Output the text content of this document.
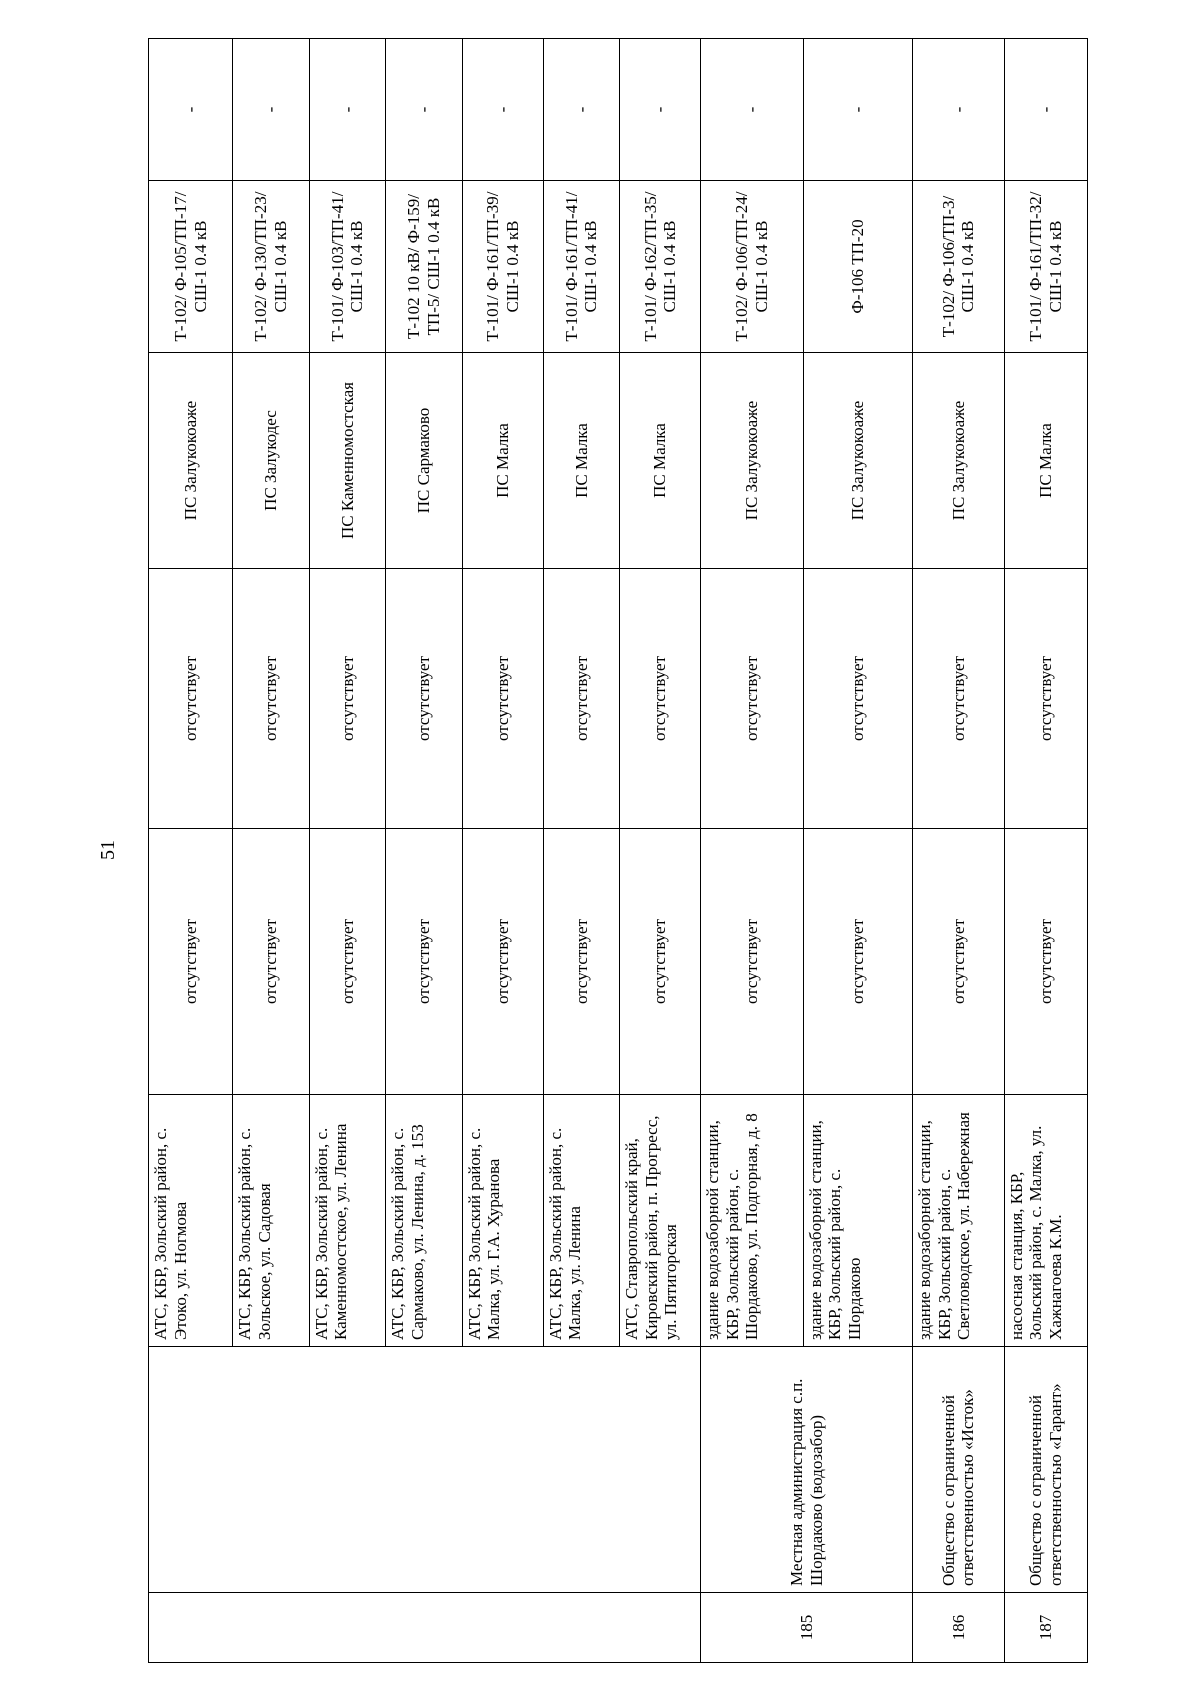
51
		АТС, КБР, Зольский район, с. Этоко, ул. Ногмова	отсутствует	отсутствует	ПС Залукокоаже	Т-102/ Ф-105/ТП-17/ СШ-1 0.4 кВ	-
		АТС, КБР, Зольский район, с. Зольское, ул. Садовая	отсутствует	отсутствует	ПС Залукодес	Т-102/ Ф-130/ТП-23/ СШ-1 0.4 кВ	-
		АТС, КБР, Зольский район, с. Каменномостское, ул. Ленина	отсутствует	отсутствует	ПС Каменномостская	Т-101/ Ф-103/ТП-41/ СШ-1 0.4 кВ	-
		АТС, КБР, Зольский район, с. Сармаково, ул. Ленина, д. 153	отсутствует	отсутствует	ПС Сармаково	Т-102 10 кВ/ Ф-159/ТП-5/ СШ-1 0.4 кВ	-
		АТС, КБР, Зольский район, с. Малка, ул. Г.А. Хуранова	отсутствует	отсутствует	ПС Малка	Т-101/ Ф-161/ТП-39/ СШ-1 0.4 кВ	-
		АТС, КБР, Зольский район, с. Малка, ул. Ленина	отсутствует	отсутствует	ПС Малка	Т-101/ Ф-161/ТП-41/ СШ-1 0.4 кВ	-
		АТС, Ставропольский край, Кировский район, п. Прогресс, ул. Пятигорская	отсутствует	отсутствует	ПС Малка	Т-101/ Ф-162/ТП-35/ СШ-1 0.4 кВ	-
185	Местная администрация с.п. Шордаково (водозабор)	здание водозаборной станции, КБР, Зольский район, с. Шордаково, ул. Подгорная, д. 8	отсутствует	отсутствует	ПС Залукокоаже	Т-102/ Ф-106/ТП-24/ СШ-1 0.4 кВ	-
		здание водозаборной станции, КБР, Зольский район, с. Шордаково	отсутствует	отсутствует	ПС Залукокоаже	Ф-106 ТП-20	-
186	Общество с ограниченной ответственностью «Исток»	здание водозаборной станции, КБР, Зольский район, с. Светловодское, ул. Набережная	отсутствует	отсутствует	ПС Залукокоаже	Т-102/ Ф-106/ТП-3/ СШ-1 0.4 кВ	-
187	Общество с ограниченной ответственностью «Гарант»	насосная станция, КБР, Зольский район, с. Малка, ул. Хажнагоева К.М.	отсутствует	отсутствует	ПС Малка	Т-101/ Ф-161/ТП-32/ СШ-1 0.4 кВ	-
